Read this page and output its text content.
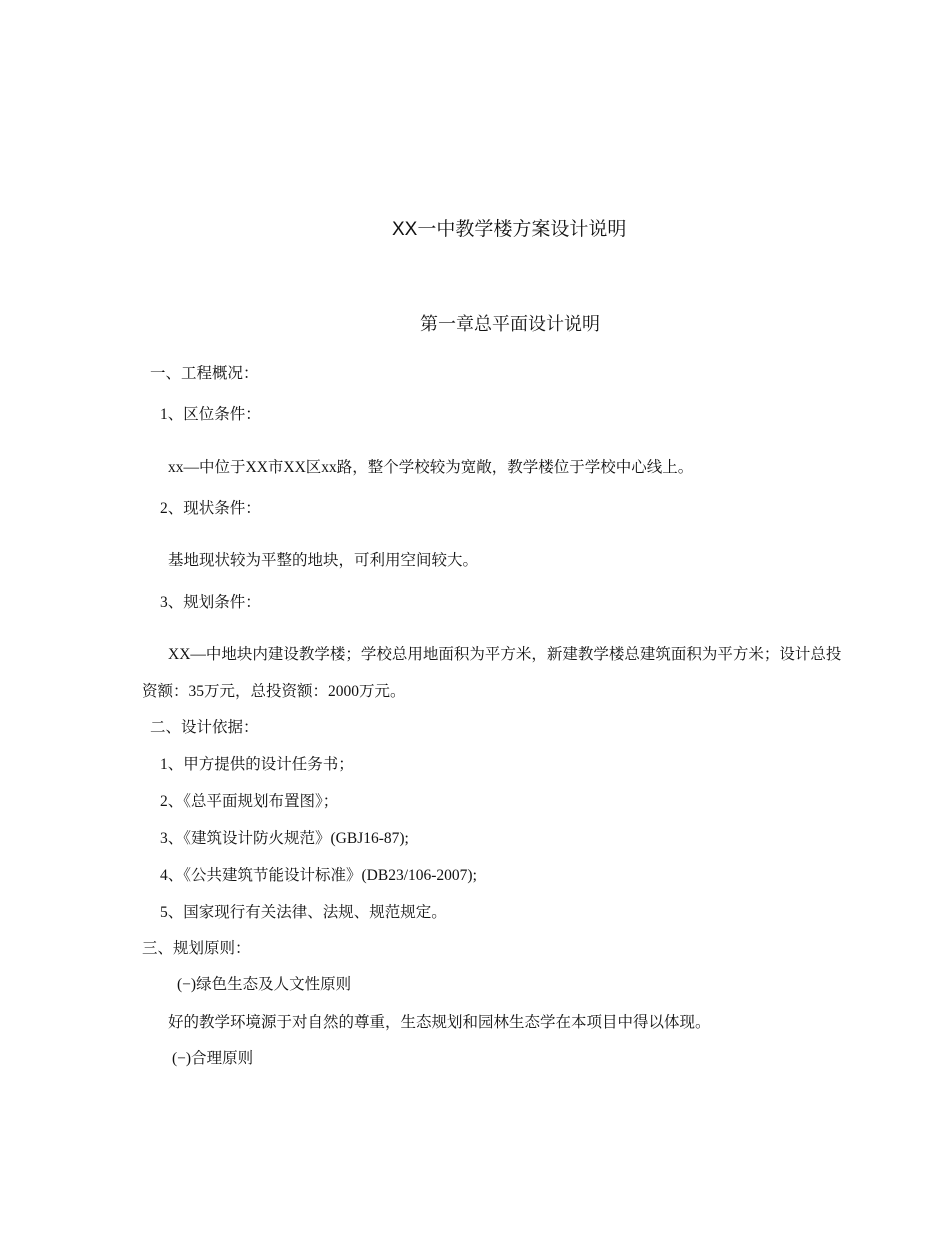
XX一中教学楼方案设计说明
第一章总平面设计说明
一、工程概况：
1、区位条件：
xx—中位于XX市XX区xx路，整个学校较为宽敞，教学楼位于学校中心线上。
2、现状条件：
基地现状较为平整的地块，可利用空间较大。
3、规划条件：
XX—中地块内建设教学楼；学校总用地面积为平方米，新建教学楼总建筑面积为平方米；设计总投
资额：35万元，总投资额：2000万元。
二、设计依据：
1、甲方提供的设计任务书；
2、《总平面规划布置图》；
3、《建筑设计防火规范》(GBJ16-87);
4、《公共建筑节能设计标准》(DB23/106-2007);
5、国家现行有关法律、法规、规范规定。
三、规划原则：
(−)绿色生态及人文性原则
好的教学环境源于对自然的尊重，生态规划和园林生态学在本项目中得以体现。
(−)合理原则
